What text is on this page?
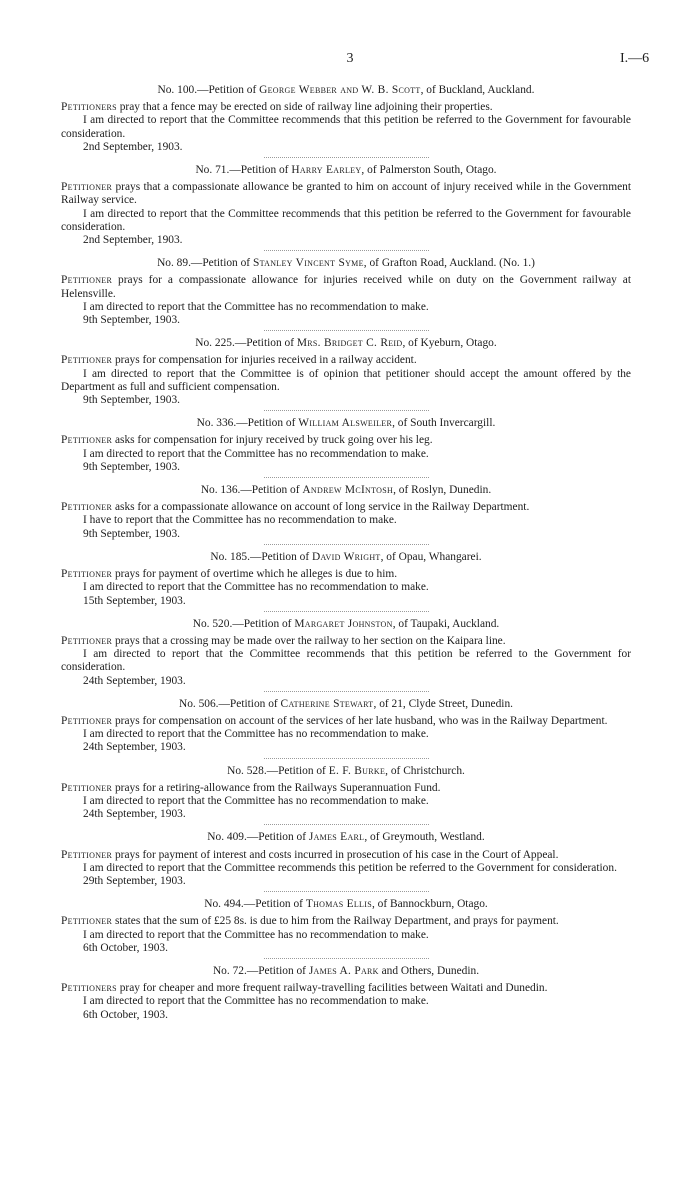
3	I.—6
No. 100.—Petition of George Webber and W. B. Scott, of Buckland, Auckland.
Petitioners pray that a fence may be erected on side of railway line adjoining their properties.
I am directed to report that the Committee recommends that this petition be referred to the Government for favourable consideration.
2nd September, 1903.
No. 71.—Petition of Harry Earley, of Palmerston South, Otago.
Petitioner prays that a compassionate allowance be granted to him on account of injury received while in the Government Railway service.
I am directed to report that the Committee recommends that this petition be referred to the Government for favourable consideration.
2nd September, 1903.
No. 89.—Petition of Stanley Vincent Syme, of Grafton Road, Auckland. (No. 1.)
Petitioner prays for a compassionate allowance for injuries received while on duty on the Government railway at Helensville.
I am directed to report that the Committee has no recommendation to make.
9th September, 1903.
No. 225.—Petition of Mrs. Bridget C. Reid, of Kyeburn, Otago.
Petitioner prays for compensation for injuries received in a railway accident.
I am directed to report that the Committee is of opinion that petitioner should accept the amount offered by the Department as full and sufficient compensation.
9th September, 1903.
No. 336.—Petition of William Alsweiler, of South Invercargill.
Petitioner asks for compensation for injury received by truck going over his leg.
I am directed to report that the Committee has no recommendation to make.
9th September, 1903.
No. 136.—Petition of Andrew McIntosh, of Roslyn, Dunedin.
Petitioner asks for a compassionate allowance on account of long service in the Railway Department.
I have to report that the Committee has no recommendation to make.
9th September, 1903.
No. 185.—Petition of David Wright, of Opau, Whangarei.
Petitioner prays for payment of overtime which he alleges is due to him.
I am directed to report that the Committee has no recommendation to make.
15th September, 1903.
No. 520.—Petition of Margaret Johnston, of Taupaki, Auckland.
Petitioner prays that a crossing may be made over the railway to her section on the Kaipara line.
I am directed to report that the Committee recommends that this petition be referred to the Government for consideration.
24th September, 1903.
No. 506.—Petition of Catherine Stewart, of 21, Clyde Street, Dunedin.
Petitioner prays for compensation on account of the services of her late husband, who was in the Railway Department.
I am directed to report that the Committee has no recommendation to make.
24th September, 1903.
No. 528.—Petition of E. F. Burke, of Christchurch.
Petitioner prays for a retiring-allowance from the Railways Superannuation Fund.
I am directed to report that the Committee has no recommendation to make.
24th September, 1903.
No. 409.—Petition of James Earl, of Greymouth, Westland.
Petitioner prays for payment of interest and costs incurred in prosecution of his case in the Court of Appeal.
I am directed to report that the Committee recommends this petition be referred to the Government for consideration.
29th September, 1903.
No. 494.—Petition of Thomas Ellis, of Bannockburn, Otago.
Petitioner states that the sum of £25 8s. is due to him from the Railway Department, and prays for payment.
I am directed to report that the Committee has no recommendation to make.
6th October, 1903.
No. 72.—Petition of James A. Park and Others, Dunedin.
Petitioners pray for cheaper and more frequent railway-travelling facilities between Waitati and Dunedin.
I am directed to report that the Committee has no recommendation to make.
6th October, 1903.
